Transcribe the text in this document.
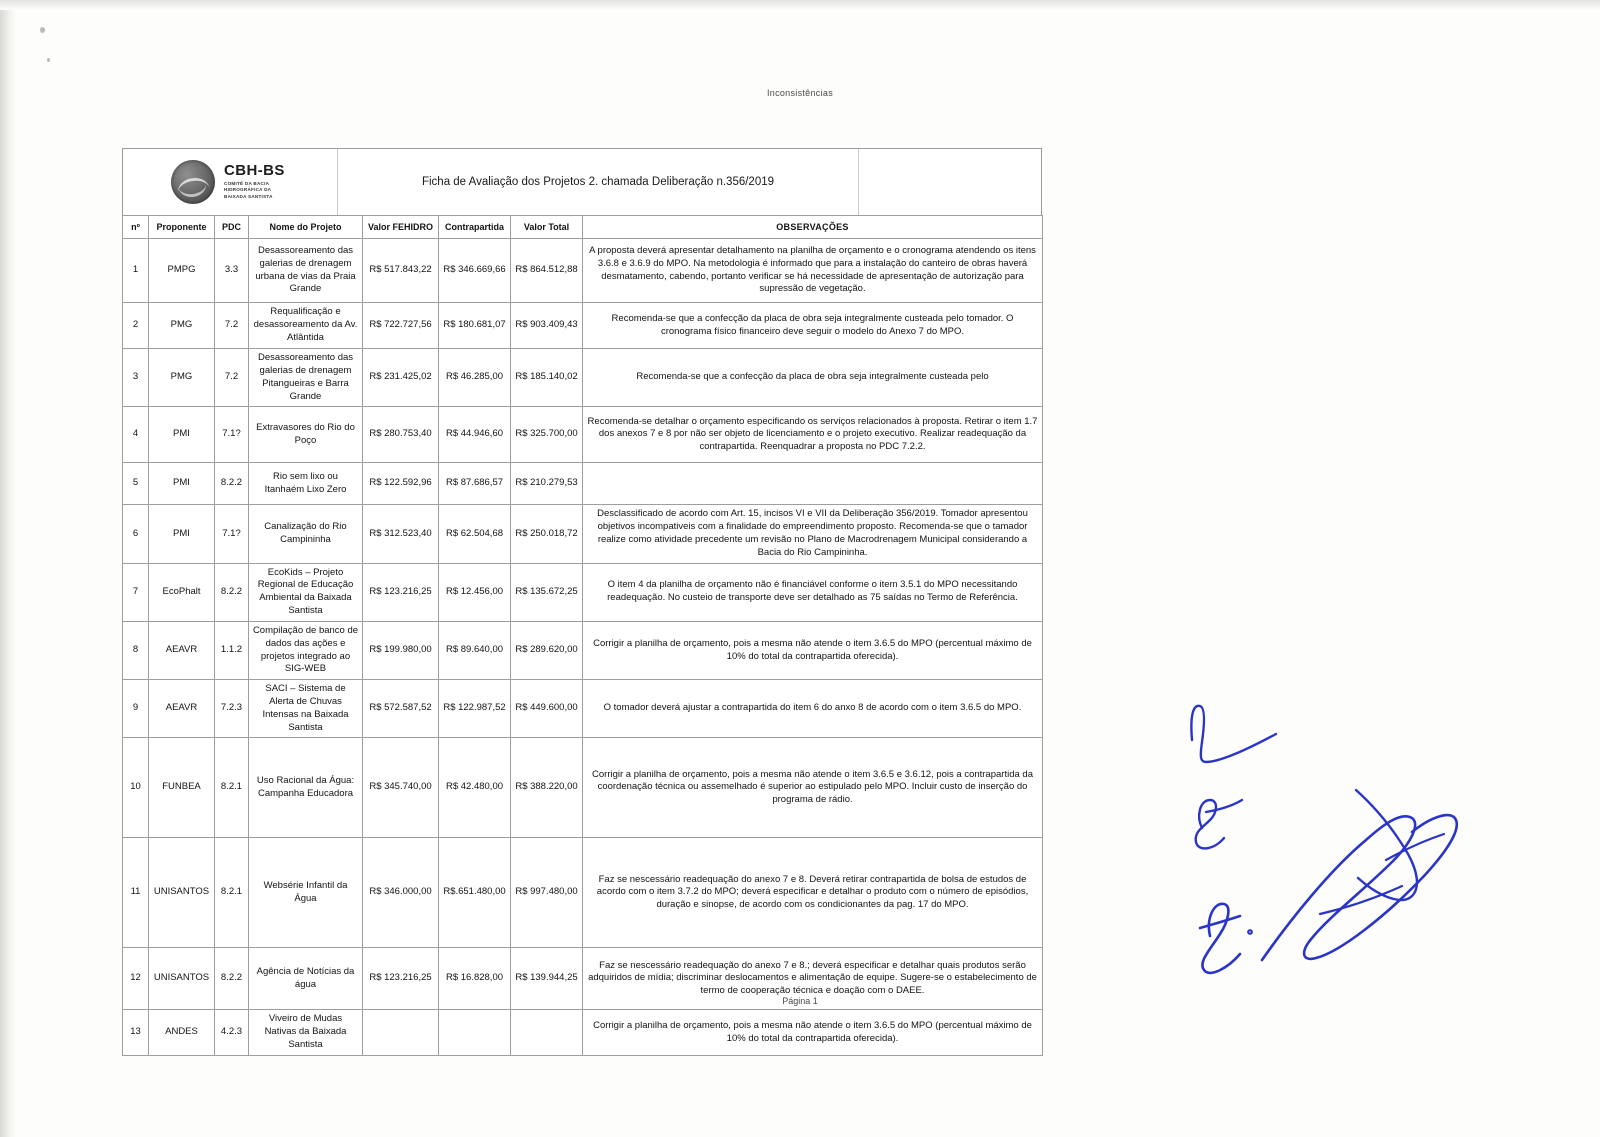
Inconsistências
CBH-BS
COMITÊ DA BACIA
HIDROGRÁFICA DA
BAIXADA SANTISTA
Ficha de Avaliação dos Projetos 2. chamada Deliberação n.356/2019
nº	Proponente	PDC	Nome do Projeto	Valor FEHIDRO	Contrapartida	Valor Total	OBSERVAÇÕES
1	PMPG	3.3	Desassoreamento das galerias de drenagem urbana de vias da Praia Grande	R$ 517.843,22	R$ 346.669,66	R$ 864.512,88	A proposta deverá apresentar detalhamento na planilha de orçamento e o cronograma atendendo os itens 3.6.8 e 3.6.9 do MPO. Na metodologia é informado que para a instalação do canteiro de obras haverá desmatamento, cabendo, portanto verificar se há necessidade de apresentação de autorização para supressão de vegetação.
2	PMG	7.2	Requalificação e desassoreamento da Av. Atlântida	R$ 722.727,56	R$ 180.681,07	R$ 903.409,43	Recomenda-se que a confecção da placa de obra seja integralmente custeada pelo tomador. O cronograma físico financeiro deve seguir o modelo do Anexo 7 do MPO.
3	PMG	7.2	Desassoreamento das galerias de drenagem Pitangueiras e Barra Grande	R$ 231.425,02	R$ 46.285,00	R$ 185.140,02	Recomenda-se que a confecção da placa de obra seja integralmente custeada pelo
4	PMI	7.1?	Extravasores do Rio do Poço	R$ 280.753,40	R$ 44.946,60	R$ 325.700,00	Recomenda-se detalhar o orçamento especificando os serviços relacionados à proposta. Retirar o item 1.7 dos anexos 7 e 8 por não ser objeto de licenciamento e o projeto executivo. Realizar readequação da contrapartida. Reenquadrar a proposta no PDC 7.2.2.
5	PMI	8.2.2	Rio sem lixo ou Itanhaém Lixo Zero	R$ 122.592,96	R$ 87.686,57	R$ 210.279,53	
6	PMI	7.1?	Canalização do Rio Campininha	R$ 312.523,40	R$ 62.504,68	R$ 250.018,72	Desclassificado de acordo com Art. 15, incisos VI e VII da Deliberação 356/2019. Tomador apresentou objetivos incompativeis com a finalidade do empreendimento proposto. Recomenda-se que o tamador realize como atividade precedente um revisão no Plano de Macrodrenagem Municipal considerando a Bacia do Rio Campininha.
7	EcoPhalt	8.2.2	EcoKids – Projeto Regional de Educação Ambiental da Baixada Santista	R$ 123.216,25	R$ 12.456,00	R$ 135.672,25	O item 4 da planilha de orçamento não é financiável conforme o item 3.5.1 do MPO necessitando readequação. No custeio de transporte deve ser detalhado as 75 saídas no Termo de Referência.
8	AEAVR	1.1.2	Compilação de banco de dados das ações e projetos integrado ao SIG-WEB	R$ 199.980,00	R$ 89.640,00	R$ 289.620,00	Corrigir a planilha de orçamento, pois a mesma não atende o item 3.6.5 do MPO (percentual máximo de 10% do total da contrapartida oferecida).
9	AEAVR	7.2.3	SACI – Sistema de Alerta de Chuvas Intensas na Baixada Santista	R$ 572.587,52	R$ 122.987,52	R$ 449.600,00	O tomador deverá ajustar a contrapartida do item 6 do anxo 8 de acordo com o item 3.6.5 do MPO.
10	FUNBEA	8.2.1	Uso Racional da Água: Campanha Educadora	R$ 345.740,00	R$ 42.480,00	R$ 388.220,00	Corrigir a planilha de orçamento, pois a mesma não atende o item 3.6.5 e 3.6.12, pois a contrapartida da coordenação técnica ou assemelhado é superior ao estipulado pelo MPO. Incluir custo de inserção do programa de rádio.
11	UNISANTOS	8.2.1	Websérie Infantil da Água	R$ 346.000,00	R$.651.480,00	R$ 997.480,00	Faz se nescessário readequação do anexo 7 e 8. Deverá retirar contrapartida de bolsa de estudos de acordo com o item 3.7.2 do MPO; deverá especificar e detalhar o produto com o número de episódios, duração e sinopse, de acordo com os condicionantes da pag. 17 do MPO.
12	UNISANTOS	8.2.2	Agência de Notícias da água	R$ 123.216,25	R$ 16.828,00	R$ 139.944,25	Faz se nescessário readequação do anexo 7 e 8.; deverá especificar e detalhar quais produtos serão adquiridos de mídia; discriminar deslocamentos e alimentação de equipe. Sugere-se o estabelecimento de termo de cooperação técnica e doação com o DAEE.
13	ANDES	4.2.3	Viveiro de Mudas Nativas da Baixada Santista				Corrigir a planilha de orçamento, pois a mesma não atende o item 3.6.5 do MPO (percentual máximo de 10% do total da contrapartida oferecida).
Página 1
